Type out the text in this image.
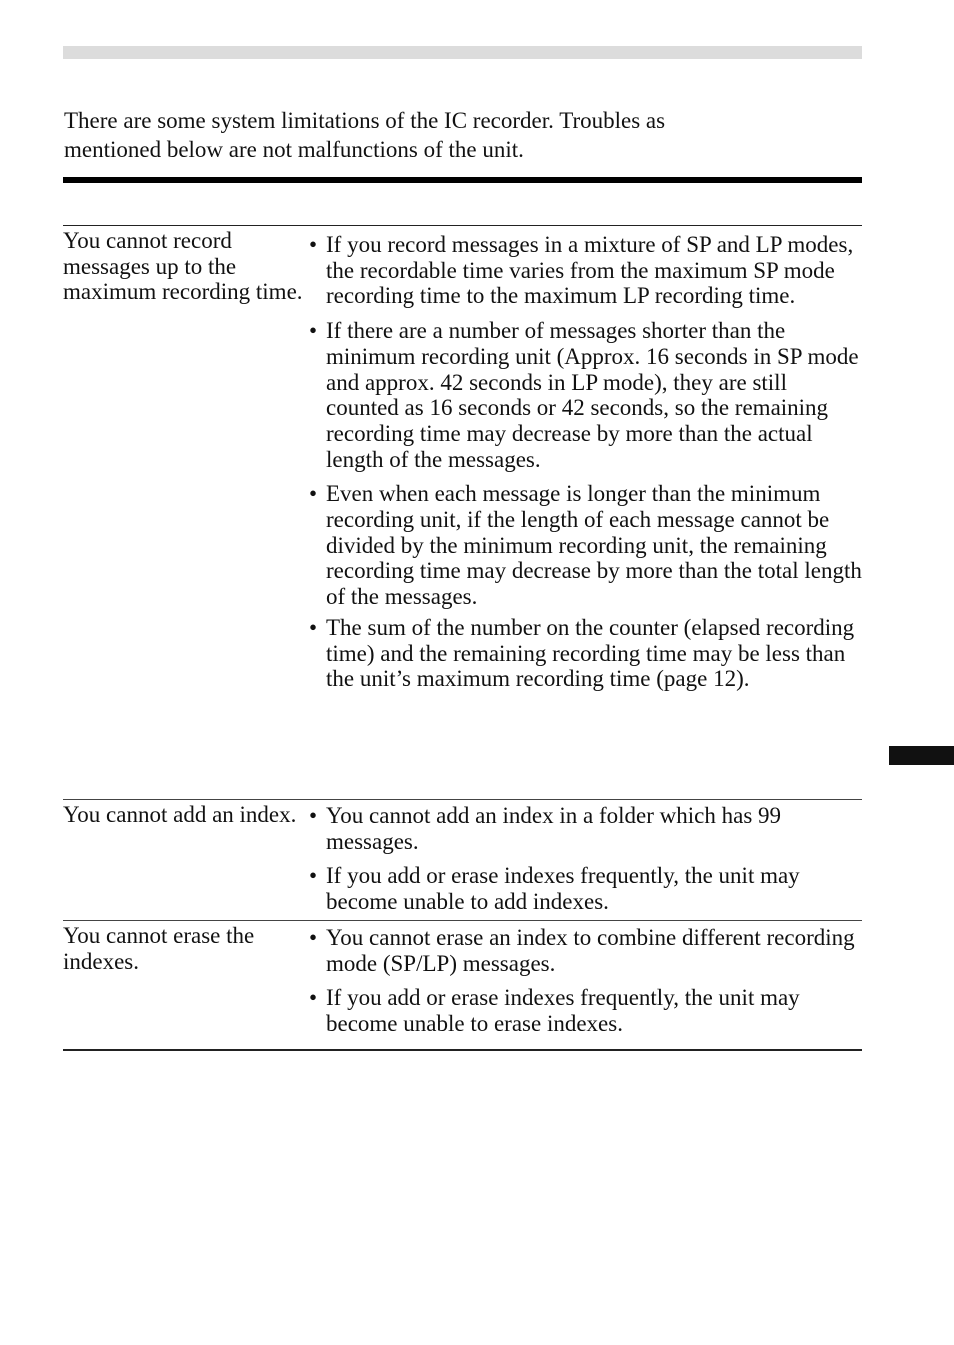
There are some system limitations of the IC recorder. Troubles as

mentioned below are not malfunctions of the unit.

You cannot record messages up to the maximum recording time.
• If you record messages in a mixture of SP and LP modes, the recordable time varies from the maximum SP mode recording time to the maximum LP recording time.
• If there are a number of messages shorter than the minimum recording unit (Approx. 16 seconds in SP mode and approx. 42 seconds in LP mode), they are still counted as 16 seconds or 42 seconds, so the remaining recording time may decrease by more than the actual length of the messages.
• Even when each message is longer than the minimum recording unit, if the length of each message cannot be divided by the minimum recording unit, the remaining recording time may decrease by more than the total length of the messages.
• The sum of the number on the counter (elapsed recording time) and the remaining recording time may be less than the unit’s maximum recording time (page 12).
You cannot add an index. • You cannot add an index in a folder which has 99 messages.
• If you add or erase indexes frequently, the unit may become unable to add indexes.
You cannot erase the indexes.
• You cannot erase an index to combine different recording mode (SP/LP) messages.
• If you add or erase indexes frequently, the unit may become unable to erase indexes.
